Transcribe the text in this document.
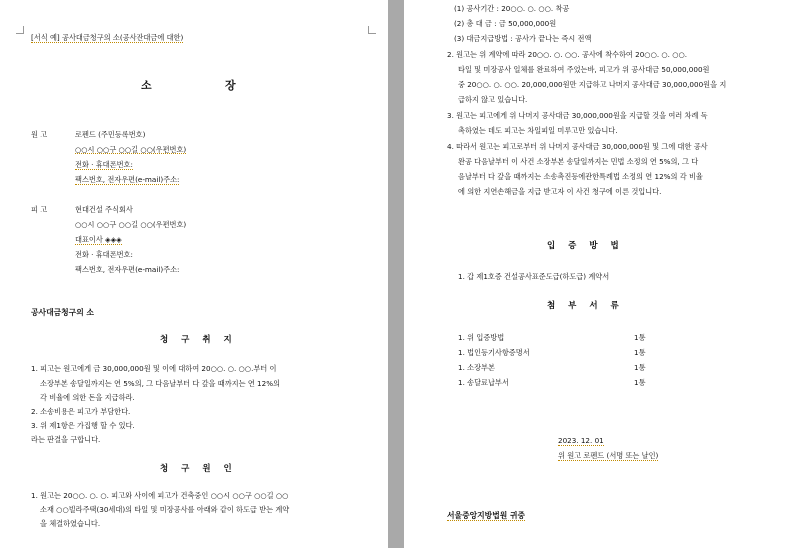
[서식 예] 공사대금청구의 소(공사잔대금에 대한)
소	장
원 고	로펜드 (주민등록번호)
○○시 ○○구 ○○길 ○○(우편번호)
전화 · 휴대폰번호:
팩스번호, 전자우편(e-mail)주소:
피 고	현대건설 주식회사
○○시 ○○구 ○○길 ○○(우편번호)
대표이사 ◈◈◈
전화 · 휴대폰번호:
팩스번호, 전자우편(e-mail)주소:
공사대금청구의 소
청 구 취 지
1. 피고는 원고에게 금 30,000,000원 및 이에 대하여 20○○. ○. ○○.부터 이
소장부본 송달일까지는 연 5%의, 그 다음날부터 다 갚을 때까지는 연 12%의
각 비율에 의한 돈을 지급하라.
2. 소송비용은 피고가 부담한다.
3. 위 제1항은 가집행 할 수 있다.
라는 판결을 구합니다.
청 구 원 인
1. 원고는 20○○. ○. ○. 피고와 사이에 피고가 건축중인 ○○시 ○○구 ○○길 ○○
소재 ○○빌라주택(30세대)의 타일 및 미장공사를 아래와 같이 하도급 받는 계약
을 체결하였습니다.
(1) 공사기간 : 20○○. ○. ○○. 착공
(2) 총 대 금 : 금 50,000,000원
(3) 대금지급방법 : 공사가 끝나는 즉시 전액
2. 원고는 위 계약에 따라 20○○. ○. ○○. 공사에 착수하여 20○○. ○. ○○.
타일 및 미장공사 일체를 완료하여 주었는바, 피고가 위 공사대금 50,000,000원
중 20○○. ○. ○○. 20,000,000원만 지급하고 나머지 공사대금 30,000,000원을 지
급하지 않고 있습니다.
3. 원고는 피고에게 위 나머지 공사대금 30,000,000원을 지급할 것을 여러 차례 독
촉하였는 데도 피고는 차일피일 미루고만 있습니다.
4. 따라서 원고는 피고로부터 위 나머지 공사대금 30,000,000원 및 그에 대한 공사
완공 다음날부터 이 사건 소장부본 송달일까지는 민법 소정의 연 5%의, 그 다
음날부터 다 갚을 때까지는 소송촉진등에관한특례법 소정의 연 12%의 각 비율
에 의한 지연손해금을 지급 받고자 이 사건 청구에 이른 것입니다.
입 증 방 법
1. 갑 제1호증 건설공사표준도급(하도급) 계약서
첨 부 서 류
1. 위 입증방법	1통
1. 법인등기사항증명서	1통
1. 소장부본	1통
1. 송달료납부서	1통
2023. 12. 01
위 원고 로펜드 (서명 또는 날인)
서울중앙지방법원 귀중
